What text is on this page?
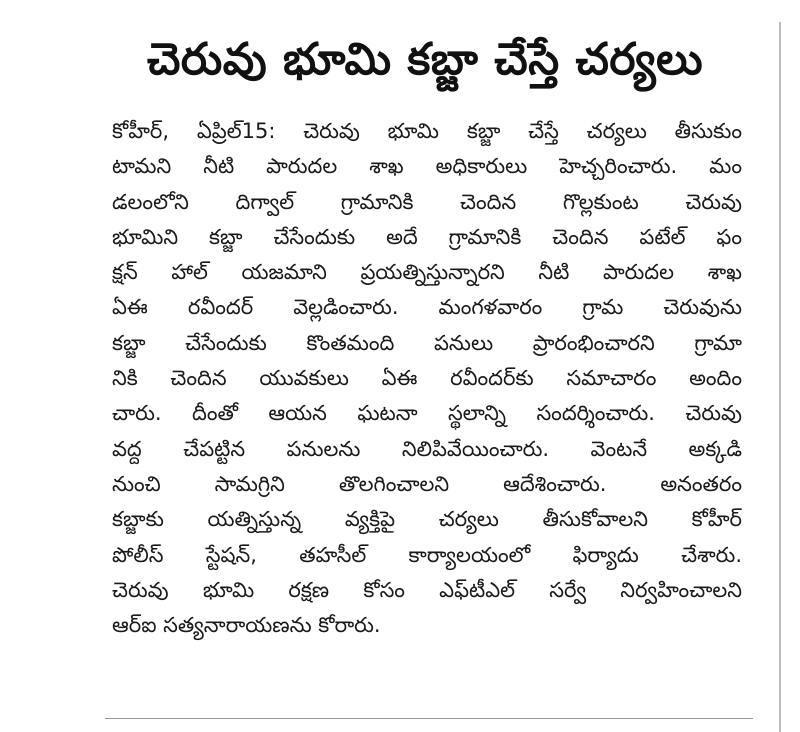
చెరువు భూమి కబ్జా చేస్తే చర్యలు
కోహీర్, ఏప్రిల్15: చెరువు భూమి కబ్జా చేస్తే చర్యలు తీసుకుం
టామని నీటి పారుదల శాఖ అధికారులు హెచ్చరించారు. మం
డలంలోని దిగ్వాల్ గ్రామానికి చెందిన గొల్లకుంట చెరువు
భూమిని కబ్జా చేసేందుకు అదే గ్రామానికి చెందిన పటేల్ ఫం
క్షన్ హాల్ యజమాని ప్రయత్నిస్తున్నారని నీటి పారుదల శాఖ
ఏఈ రవీందర్ వెల్లడించారు. మంగళవారం గ్రామ చెరువును
కబ్జా చేసేందుకు కొంతమంది పనులు ప్రారంభించారని గ్రామా
నికి చెందిన యువకులు ఏఈ రవీందర్‌కు సమాచారం అందిం
చారు. దీంతో ఆయన ఘటనా స్థలాన్ని సందర్శించారు. చెరువు
వద్ద చేపట్టిన పనులను నిలిపివేయించారు. వెంటనే అక్కడి
నుంచి సామగ్రిని తొలగించాలని ఆదేశించారు. అనంతరం
కబ్జాకు యత్నిస్తున్న వ్యక్తిపై చర్యలు తీసుకోవాలని కోహీర్
పోలీస్ స్టేషన్, తహసీల్ కార్యాలయంలో ఫిర్యాదు చేశారు.
చెరువు భూమి రక్షణ కోసం ఎఫ్‌టీఎల్ సర్వే నిర్వహించాలని
ఆర్ఐ సత్యనారాయణను కోరారు.
